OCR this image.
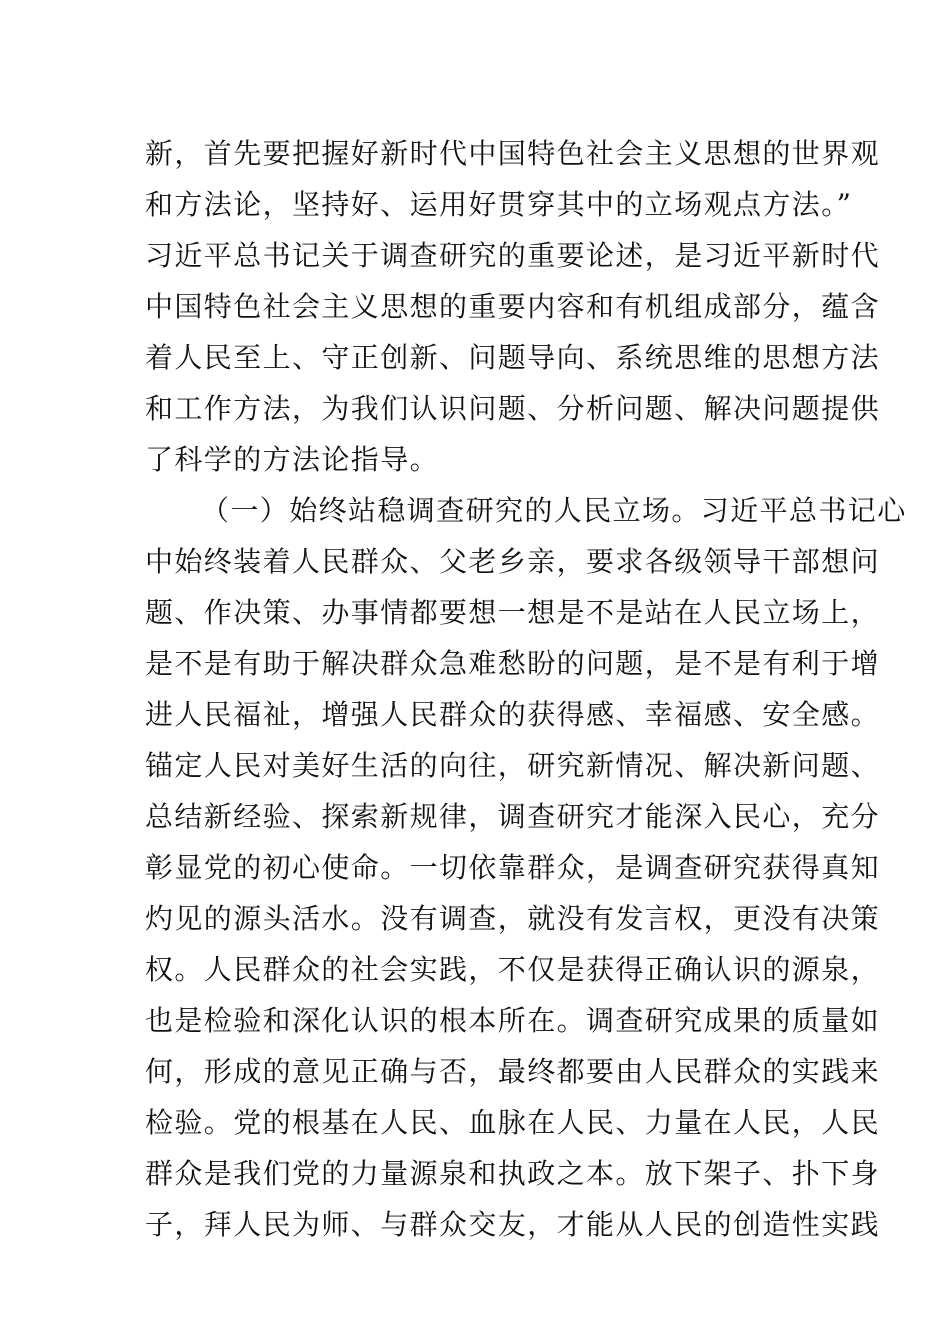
新，首先要把握好新时代中国特色社会主义思想的世界观
和方法论，坚持好、运用好贯穿其中的立场观点方法。”
习近平总书记关于调查研究的重要论述，是习近平新时代
中国特色社会主义思想的重要内容和有机组成部分，蕴含
着人民至上、守正创新、问题导向、系统思维的思想方法
和工作方法，为我们认识问题、分析问题、解决问题提供
了科学的方法论指导。
（一）始终站稳调查研究的人民立场。习近平总书记心
中始终装着人民群众、父老乡亲，要求各级领导干部想问
题、作决策、办事情都要想一想是不是站在人民立场上，
是不是有助于解决群众急难愁盼的问题，是不是有利于增
进人民福祉，增强人民群众的获得感、幸福感、安全感。
锚定人民对美好生活的向往，研究新情况、解决新问题、
总结新经验、探索新规律，调查研究才能深入民心，充分
彰显党的初心使命。一切依靠群众，是调查研究获得真知
灼见的源头活水。没有调查，就没有发言权，更没有决策
权。人民群众的社会实践，不仅是获得正确认识的源泉，
也是检验和深化认识的根本所在。调查研究成果的质量如
何，形成的意见正确与否，最终都要由人民群众的实践来
检验。党的根基在人民、血脉在人民、力量在人民，人民
群众是我们党的力量源泉和执政之本。放下架子、扑下身
子，拜人民为师、与群众交友，才能从人民的创造性实践
